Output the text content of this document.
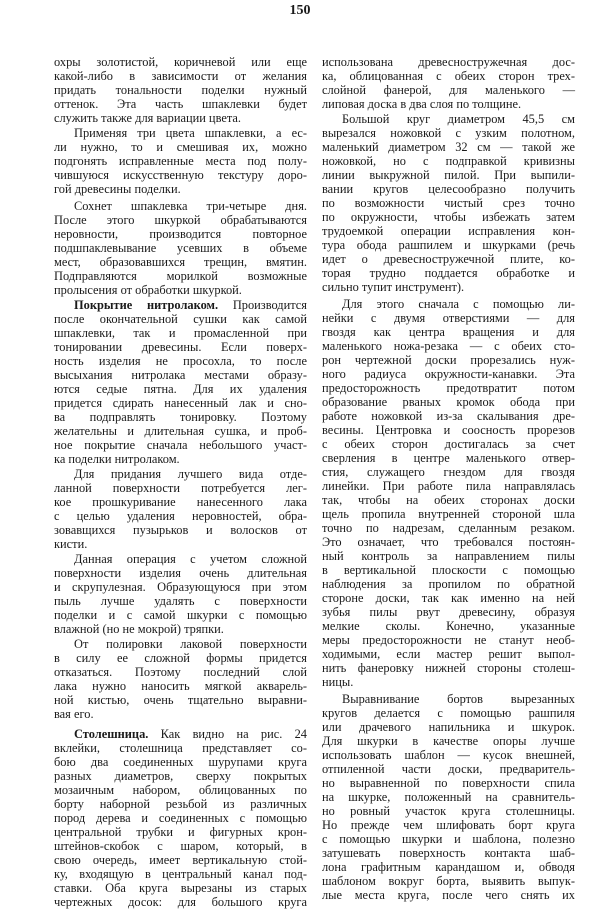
150
охры золотистой, коричневой или еще
какой-либо в зависимости от желания
придать тональности поделки нужный
оттенок. Эта часть шпаклевки будет
служить также для вариации цвета.
Применяя три цвета шпаклевки, а ес-
ли нужно, то и смешивая их, можно
подгонять исправленные места под полу-
чившуюся искусственную текстуру доро-
гой древесины поделки.
Сохнет шпаклевка три-четыре дня.
После этого шкуркой обрабатываются
неровности, производится повторное
подшпаклевывание усевших в объеме
мест, образовавшихся трещин, вмятин.
Подправляются морилкой возможные
пролысения от обработки шкуркой.
Покрытие нитролаком. Производится
после окончательной сушки как самой
шпаклевки, так и промасленной при
тонировании древесины. Если поверх-
ность изделия не просохла, то после
высыхания нитролака местами образу-
ются седые пятна. Для их удаления
придется сдирать нанесенный лак и сно-
ва подправлять тонировку. Поэтому
желательны и длительная сушка, и проб-
ное покрытие сначала небольшого участ-
ка поделки нитролаком.
Для придания лучшего вида отде-
ланной поверхности потребуется лег-
кое прошкуривание нанесенного лака
с целью удаления неровностей, обра-
зовавщихся пузырьков и волосков от
кисти.
Данная операция с учетом сложной
поверхности изделия очень длительная
и скрупулезная. Образующуюся при этом
пыль лучше удалять с поверхности
поделки и с самой шкурки с помощью
влажной (но не мокрой) тряпки.
От полировки лаковой поверхности
в силу ее сложной формы придется
отказаться. Поэтому последний слой
лака нужно наносить мягкой акварель-
ной кистью, очень тщательно выравни-
вая его.
Столешница. Как видно на рис. 24
вклейки, столешница представляет со-
бою два соединенных шурупами круга
разных диаметров, сверху покрытых
мозаичным набором, облицованных по
борту наборной резьбой из различных
пород дерева и соединенных с помощью
центральной трубки и фигурных крон-
штейнов-скобок с шаром, который, в
свою очередь, имеет вертикальную стой-
ку, входящую в центральный канал под-
ставки. Оба круга вырезаны из старых
чертежных досок: для большого круга
использована древесностружечная дос-
ка, облицованная с обеих сторон трех-
слойной фанерой, для маленького —
липовая доска в два слоя по толщине.
Большой круг диаметром 45,5 см
вырезался ножовкой с узким полотном,
маленький диаметром 32 см — такой же
ножовкой, но с подправкой кривизны
линии выкружной пилой. При выпили-
вании кругов целесообразно получить
по возможности чистый срез точно
по окружности, чтобы избежать затем
трудоемкой операции исправления кон-
тура обода рашпилем и шкурками (речь
идет о древесностружечной плите, ко-
торая трудно поддается обработке и
сильно тупит инструмент).
Для этого сначала с помощью ли-
нейки с двумя отверстиями — для
гвоздя как центра вращения и для
маленького ножа-резака — с обеих сто-
рон чертежной доски прорезались нуж-
ного радиуса окружности-канавки. Эта
предосторожность предотвратит потом
образование рваных кромок обода при
работе ножовкой из-за скалывания дре-
весины. Центровка и соосность прорезов
с обеих сторон достигалась за счет
сверления в центре маленького отвер-
стия, служащего гнездом для гвоздя
линейки. При работе пила направлялась
так, чтобы на обеих сторонах доски
щель пропила внутренней стороной шла
точно по надрезам, сделанным резаком.
Это означает, что требовался постоян-
ный контроль за направлением пилы
в вертикальной плоскости с помощью
наблюдения за пропилом по обратной
стороне доски, так как именно на ней
зубья пилы рвут древесину, образуя
мелкие сколы. Конечно, указанные
меры предосторожности не станут необ-
ходимыми, если мастер решит выпол-
нить фанеровку нижней стороны столеш-
ницы.
Выравнивание бортов вырезанных
кругов делается с помощью рашпиля
или драчевого напильника и шкурок.
Для шкурки в качестве опоры лучше
использовать шаблон — кусок внешней,
отпиленной части доски, предваритель-
но выравненной по поверхности спила
на шкурке, положенный на сравнитель-
но ровный участок круга столешницы.
Но прежде чем шлифовать борт круга
с помощью шкурки и шаблона, полезно
затушевать поверхность контакта шаб-
лона графитным карандашом и, обводя
шаблоном вокруг борта, выявить выпук-
лые места круга, после чего снять их
